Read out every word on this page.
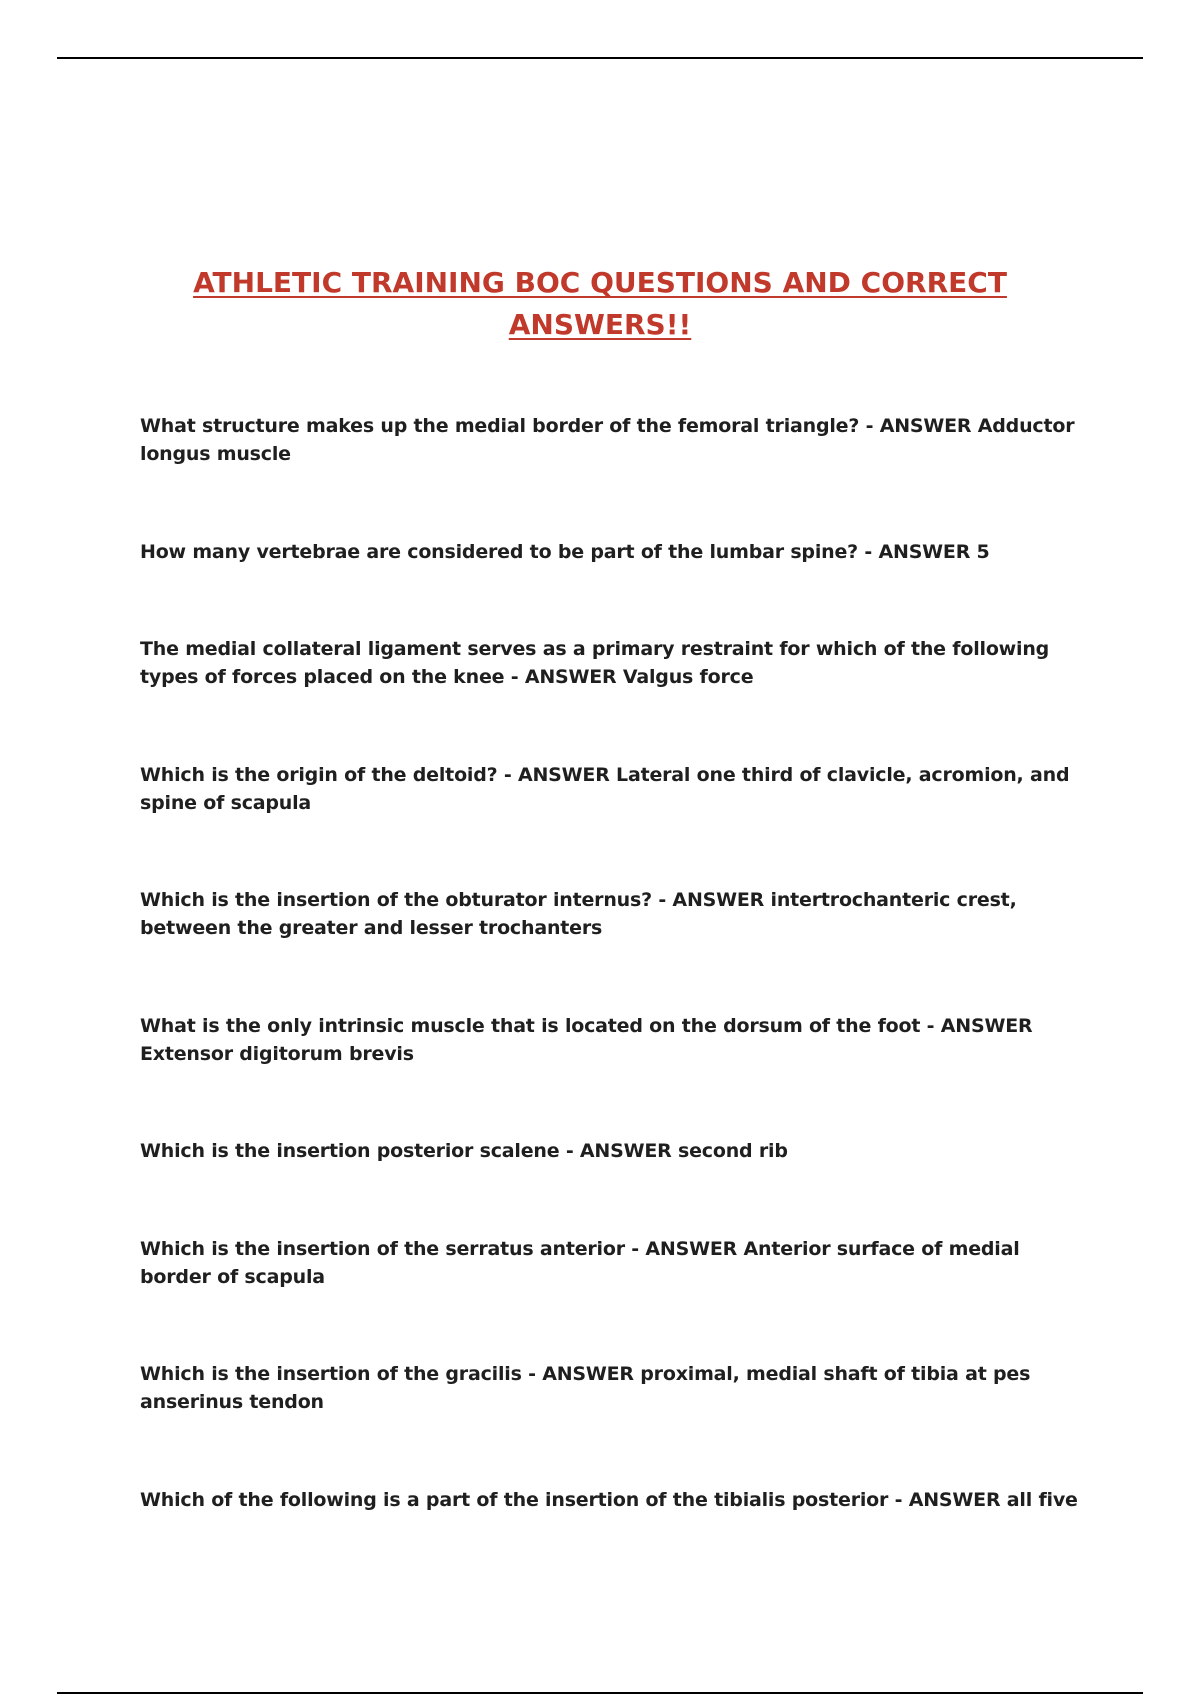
ATHLETIC TRAINING BOC QUESTIONS AND CORRECT

ANSWERS!!

What structure makes up the medial border of the femoral triangle? - ANSWER Adductor longus muscle

How many vertebrae are considered to be part of the lumbar spine? - ANSWER 5

The medial collateral ligament serves as a primary restraint for which of the following types of forces placed on the knee - ANSWER Valgus force

Which is the origin of the deltoid? - ANSWER Lateral one third of clavicle, acromion, and spine of scapula

Which is the insertion of the obturator internus? - ANSWER intertrochanteric crest, between the greater and lesser trochanters

What is the only intrinsic muscle that is located on the dorsum of the foot - ANSWER Extensor digitorum brevis

Which is the insertion posterior scalene - ANSWER second rib

Which is the insertion of the serratus anterior - ANSWER Anterior surface of medial border of scapula

Which is the insertion of the gracilis - ANSWER proximal, medial shaft of tibia at pes anserinus tendon

Which of the following is a part of the insertion of the tibialis posterior - ANSWER all five
